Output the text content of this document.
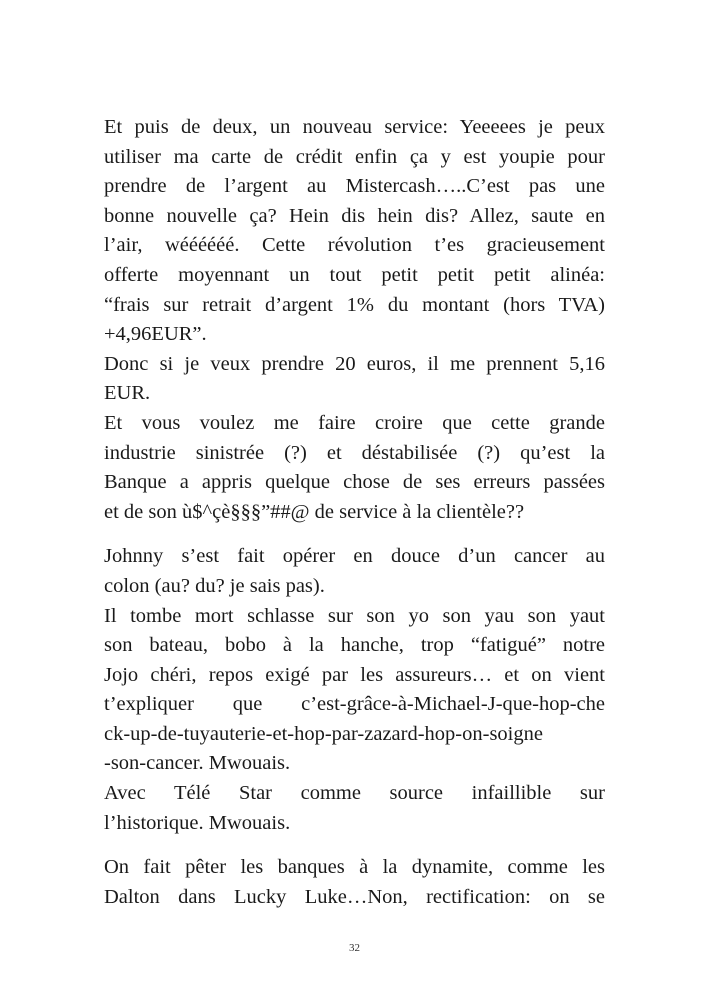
Et puis de deux, un nouveau service: Yeeeees je peux
utiliser ma carte de crédit enfin ça y est youpie pour
prendre de l’argent au Mistercash…..C’est pas une
bonne nouvelle ça? Hein dis hein dis? Allez, saute en
l’air, wéééééé. Cette révolution t’es gracieusement
offerte moyennant un tout petit petit petit alinéa:
“frais sur retrait d’argent 1% du montant (hors TVA)
+4,96EUR”.
Donc si je veux prendre 20 euros, il me prennent 5,16
EUR.
Et vous voulez me faire croire que cette grande
industrie sinistrée (?) et déstabilisée (?) qu’est la
Banque a appris quelque chose de ses erreurs passées
et de son ù$^çè§§§”##@ de service à la clientèle??
Johnny s’est fait opérer en douce d’un cancer au
colon (au? du? je sais pas).
Il tombe mort schlasse sur son yo son yau son yaut
son bateau, bobo à la hanche, trop “fatigué” notre
Jojo chéri, repos exigé par les assureurs… et on vient
t’expliquer que c’est-grâce-à-Michael-J-que-hop-che
ck-up-de-tuyauterie-et-hop-par-zazard-hop-on-soigne
-son-cancer. Mwouais.
Avec Télé Star comme source infaillible sur
l’historique. Mwouais.
On fait pêter les banques à la dynamite, comme les
Dalton dans Lucky Luke…Non, rectification: on se
32
